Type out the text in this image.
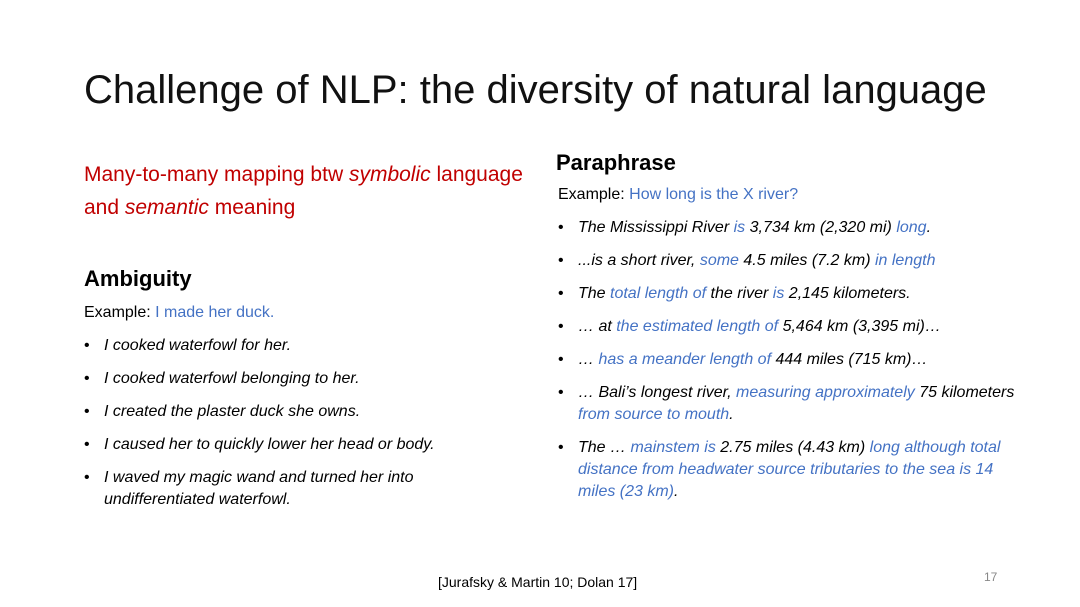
Challenge of NLP: the diversity of natural language
Many-to-many mapping btw symbolic language and semantic meaning
Ambiguity
Example: I made her duck.
• I cooked waterfowl for her.
• I cooked waterfowl belonging to her.
• I created the plaster duck she owns.
• I caused her to quickly lower her head or body.
• I waved my magic wand and turned her into undifferentiated waterfowl.
Paraphrase
Example: How long is the X river?
• The Mississippi River is 3,734 km (2,320 mi) long.
• ...is a short river, some 4.5 miles (7.2 km) in length
• The total length of the river is 2,145 kilometers.
• … at the estimated length of 5,464 km (3,395 mi)…
• … has a meander length of 444 miles (715 km)…
• … Bali’s longest river, measuring approximately 75 kilometers from source to mouth.
• The … mainstem is 2.75 miles (4.43 km) long although total distance from headwater source tributaries to the sea is 14 miles (23 km).
[Jurafsky & Martin 10; Dolan 17]	17
